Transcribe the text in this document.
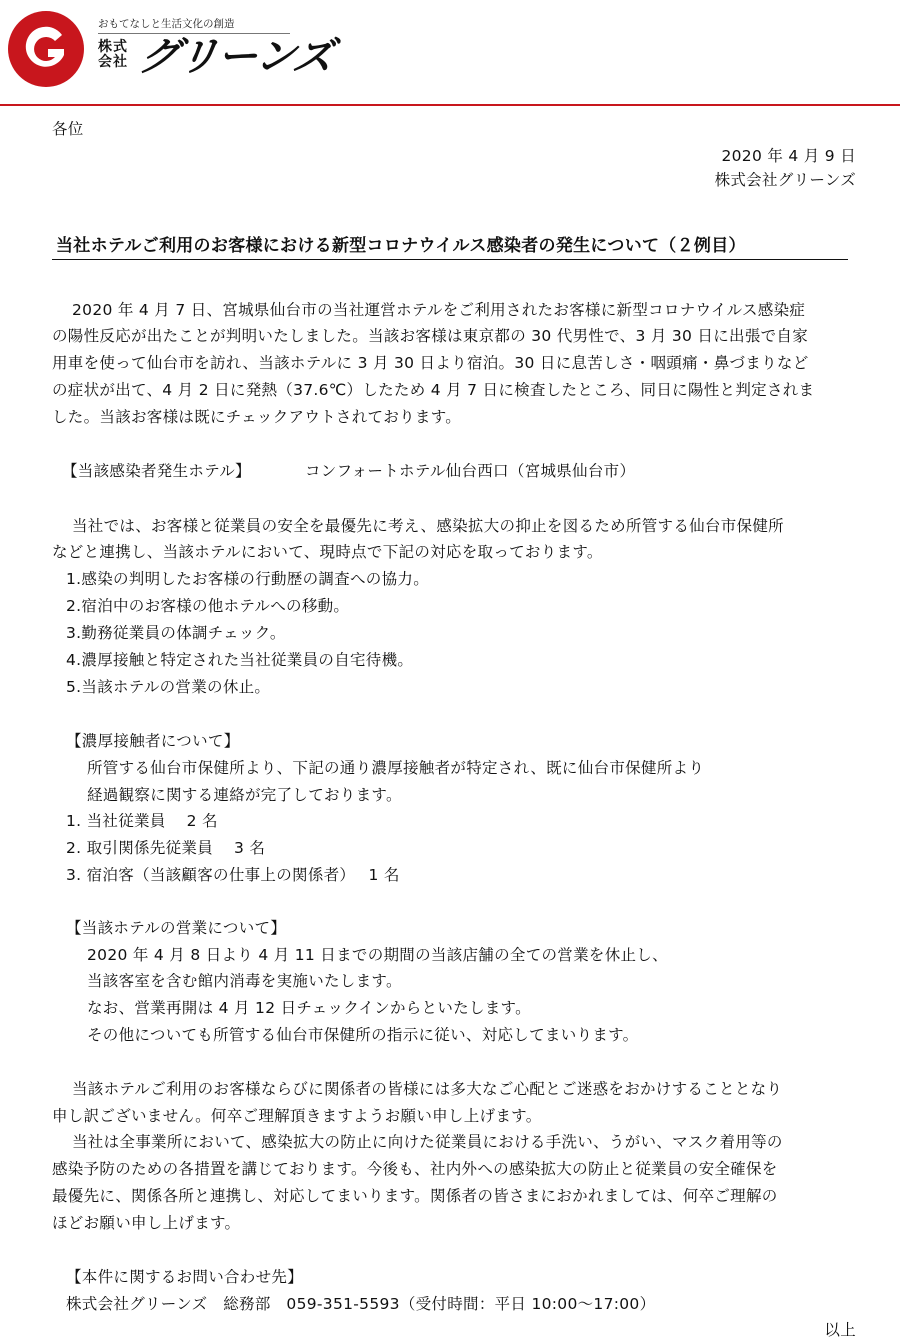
おもてなしと生活文化の創造
株式
会社 グリーンズ
各位
2020 年 4 月 9 日
株式会社グリーンズ
当社ホテルご利用のお客様における新型コロナウイルス感染者の発生について（２例目）
2020 年 4 月 7 日、宮城県仙台市の当社運営ホテルをご利用されたお客様に新型コロナウイルス感染症
の陽性反応が出たことが判明いたしました。当該お客様は東京都の 30 代男性で、3 月 30 日に出張で自家
用車を使って仙台市を訪れ、当該ホテルに 3 月 30 日より宿泊。30 日に息苦しさ・咽頭痛・鼻づまりなど
の症状が出て、4 月 2 日に発熱（37.6℃）したため 4 月 7 日に検査したところ、同日に陽性と判定されま
した。当該お客様は既にチェックアウトされております。
【当該感染者発生ホテル】	コンフォートホテル仙台西口（宮城県仙台市）
当社では、お客様と従業員の安全を最優先に考え、感染拡大の抑止を図るため所管する仙台市保健所
などと連携し、当該ホテルにおいて、現時点で下記の対応を取っております。
1.感染の判明したお客様の行動歴の調査への協力。
2.宿泊中のお客様の他ホテルへの移動。
3.勤務従業員の体調チェック。
4.濃厚接触と特定された当社従業員の自宅待機。
5.当該ホテルの営業の休止。
【濃厚接触者について】
所管する仙台市保健所より、下記の通り濃厚接触者が特定され、既に仙台市保健所より
経過観察に関する連絡が完了しております。
1. 当社従業員　 2 名
2. 取引関係先従業員　 3 名
3. 宿泊客（当該顧客の仕事上の関係者）　 1 名
【当該ホテルの営業について】
2020 年 4 月 8 日より 4 月 11 日までの期間の当該店舗の全ての営業を休止し、
当該客室を含む館内消毒を実施いたします。
なお、営業再開は 4 月 12 日チェックインからといたします。
その他についても所管する仙台市保健所の指示に従い、対応してまいります。
当該ホテルご利用のお客様ならびに関係者の皆様には多大なご心配とご迷惑をおかけすることとなり
申し訳ございません。何卒ご理解頂きますようお願い申し上げます。
当社は全事業所において、感染拡大の防止に向けた従業員における手洗い、うがい、マスク着用等の
感染予防のための各措置を講じております。今後も、社内外への感染拡大の防止と従業員の安全確保を
最優先に、関係各所と連携し、対応してまいります。関係者の皆さまにおかれましては、何卒ご理解の
ほどお願い申し上げます。
【本件に関するお問い合わせ先】
株式会社グリーンズ　総務部　059-351-5593（受付時間：平日 10:00～17:00）
以上
